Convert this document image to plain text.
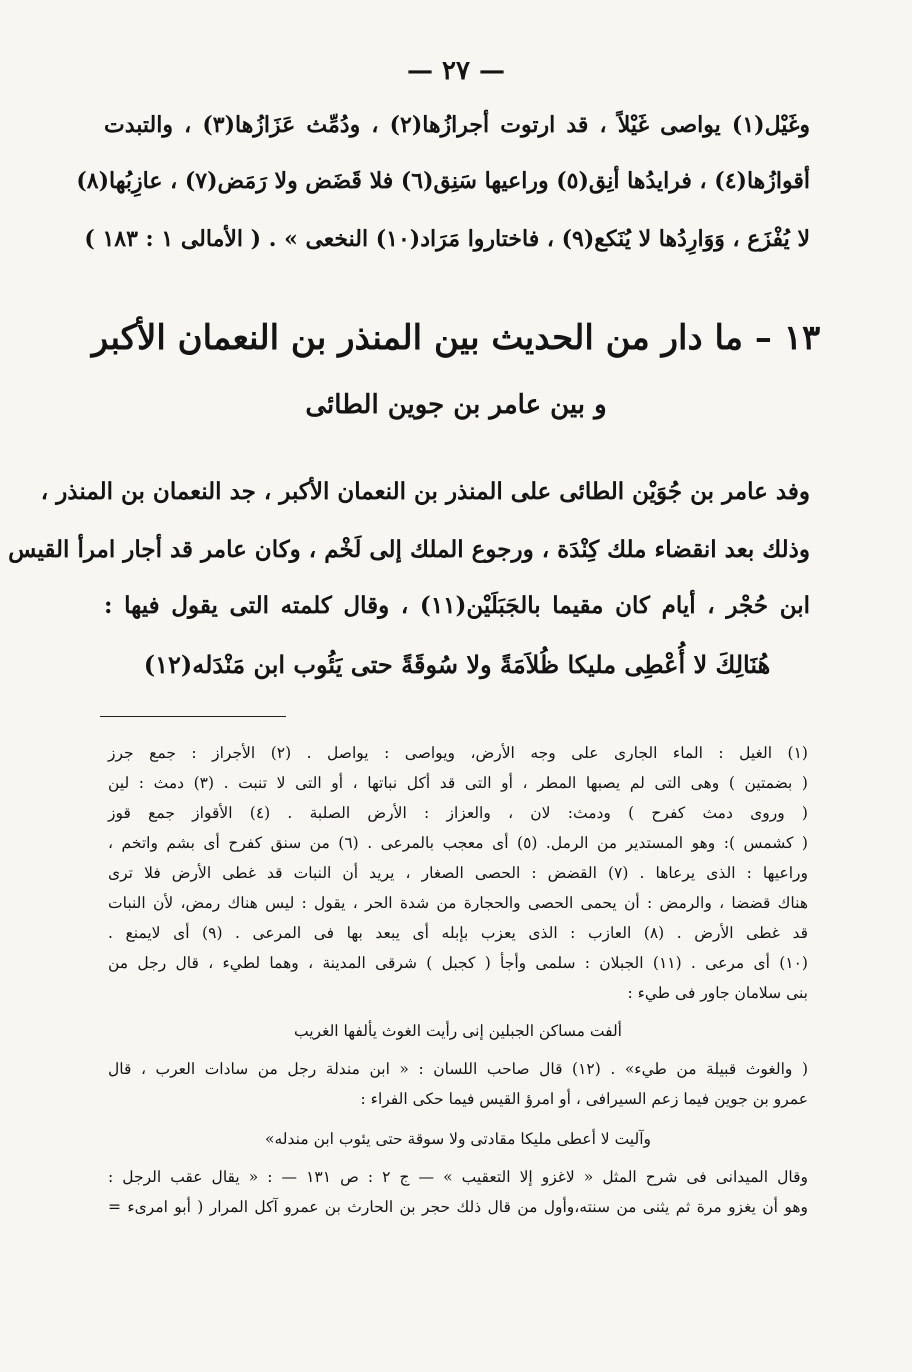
— ٢٧ —
وغَيْل(١) يواصى غَيْلاً ، قد ارتوت أجرازُها(٢) ، ودُمِّث عَزَازُها(٣) ، والتبدت
أقوازُها(٤) ، فرايدُها أنِق(٥) وراعيها سَنِق(٦) فلا قَضَض ولا رَمَض(٧) ، عازِبُها(٨)
لا يُفْزَع ، وَوَارِدُها لا يُنَكع(٩) ، فاختاروا مَرَاد(١٠) النخعى » . ( الأمالى ١ : ١٨٣ )
١٣ – ما دار من الحديث بين المنذر بن النعمان الأكبر
و بين عامر بن جوين الطائى
وفد عامر بن جُوَيْن الطائى على المنذر بن النعمان الأكبر ، جد النعمان بن المنذر ،
وذلك بعد انقضاء ملك كِنْدَة ، ورجوع الملك إلى لَخْم ، وكان عامر قد أجار امرأ القيس
ابن حُجْر ، أيام كان مقيما بالجَبَلَيْن(١١) ، وقال كلمته التى يقول فيها :
هُنَالِكَ لا أُعْطِى مليكا ظُلاَمَةً ولا سُوقَةً حتى يَئُوب ابن مَنْدَله(١٢)
(١) الغيل : الماء الجارى على وجه الأرض، ويواصى : يواصل . (٢) الأجراز : جمع جرز
( بضمتين ) وهى التى لم يصبها المطر ، أو التى قد أكل نباتها ، أو التى لا تنبت . (٣) دمث : لين
( وروى دمث كفرح ) ودمث: لان ، والعزاز : الأرض الصلبة . (٤) الأقواز جمع قوز
( كشمس ): وهو المستدير من الرمل. (٥) أى معجب بالمرعى . (٦) من سنق كفرح أى بشم واتخم ،
وراعيها : الذى يرعاها . (٧) القضض : الحصى الصغار ، يريد أن النبات قد غطى الأرض فلا ترى
هناك قضضا ، والرمض : أن يحمى الحصى والحجارة من شدة الحر ، يقول : ليس هناك رمض، لأن النبات
قد غطى الأرض . (٨) العازب : الذى يعزب بإبله أى يبعد بها فى المرعى . (٩) أى لايمنع .
(١٠) أى مرعى . (١١) الجبلان : سلمى وأجأ ( كجبل ) شرقى المدينة ، وهما لطيء ، قال رجل من
بنى سلامان جاور فى طيء :
ألفت مساكن الجبلين إنى رأيت الغوث يألفها الغريب
( والغوث قبيلة من طيء» . (١٢) قال صاحب اللسان : « ابن مندلة رجل من سادات العرب ، قال
عمرو بن جوين فيما زعم السيرافى ، أو امرؤ القيس فيما حكى الفراء :
وآليت لا أعطى مليكا مقادتى ولا سوقة حتى يئوب ابن مندله»
وقال الميدانى فى شرح المثل « لاغزو إلا التعقيب » — ج ٢ : ص ١٣١ — : « يقال عقب الرجل :
وهو أن يغزو مرة ثم يثنى من سنته،وأول من قال ذلك حجر بن الحارث بن عمرو آكل المرار ( أبو امرىء =
